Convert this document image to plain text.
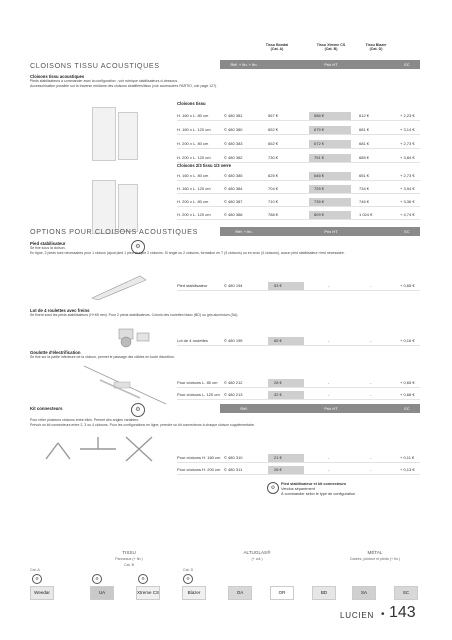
Tissu Bondai
(Cat. A)
Tissu Xtreme CS
(Cat. B)
Tissu Blazer
(Cat. D)
CLOISONS TISSU ACOUSTIQUES	Réf. + fin. + fin.	Prix HT	EC
Cloisons tissu acoustiques
Pieds stabilisateurs à commander avec la configuration ; voir rubrique stabilisateurs ci-dessous.
Accessoirisation possible sur la traverse médiane des cloisons stratifiées/tissu (voir accessoires PARTIO, voir page 127).
Cloisons tissu
H. 160 x L. 80 cm	© 480 381	567 €	586 €	612 €	+ 2,23 €
H. 160 x L. 120 cm	© 480 380	652 €	679 €	681 €	+ 3,14 €
H. 200 x L. 80 cm	© 480 383	652 €	672 €	681 €	+ 2,73 €
H. 200 x L. 120 cm	© 480 382	730 €	751 €	685 €	+ 3,84 €
Cloisons 2/3 tissu 1/3 verre
H. 160 x L. 80 cm	© 480 385	625 €	646 €	651 €	+ 2,73 €
H. 160 x L. 120 cm	© 480 384	704 €	725 €	734 €	+ 3,94 €
H. 200 x L. 80 cm	© 480 387	710 €	735 €	746 €	+ 3,36 €
H. 200 x L. 120 cm	© 480 386	788 €	809 €	1 024 €	+ 4,74 €
OPTIONS POUR CLOISONS ACOUSTIQUES	Réf. + fin.	Prix HT	EC
Pied stabilisateur
⚙
Se fixe sous la cloison.
En ligne, 2 pieds sont nécessaires pour 1 cloison (ajout pied 1 pied chaque 2 cloisons. Si angle ou 2 cloisons, formation en T (3 cloisons) ou en croix (4 cloisons), aucun pied stabilisateur n'est nécessaire.
Pied stabilisateur	© 480 194	53 €	-	-	+ 0,65 €
Lot de 4 roulettes avec freins
Se fixent sous les pieds stabilisateurs (H+65 mm). Pour 2 pieds stabilisateurs. Coloris des roulettes blanc (BD) ou gris aluminium (SA).
Lot de 4 roulettes	© 480 195	65 €	-	-	+ 0,16 €
Goulotte d'électrification
Se fixe sur la partie inférieure de la cloison, permet le passage des câbles en toute discrétion.
Pour cloisons L. 80 cm © 480 212	28 €	-	-	+ 0,65 €
Pour cloisons L. 120 cm © 480 213	32 €	-	-	+ 0,68 €
Kit connecteurs	⚙	Réf.	Prix HT	EC
Pour relier plusieurs cloisons entre elles. Permet des angles variables.
Prévoir un kit connecteurs entre 2, 3 ou 4 cloisons. Pour les configurations en ligne, prendre un kit connecteurs à chaque cloison supplémentaire.
Pour cloisons H. 160 cm © 480 310	21 €	-	-	+ 0,11 €
Pour cloisons H. 200 cm © 480 311	26 €	-	-	+ 0,13 €
⚙
Pied stabilisateur et kit connecteurs
Vendus séparément
À commander selon le type de configuration
TISSU
Panneaux (+ fin.)
Cat. B
Cat. A	Cat. D
ALTUGLAS®
(+ col.)
MÉTAL
Cadres, jointure et pieds (+ fin.)
⚙	⚙	⚙	⚙
Weedar	UA	Xtreme CS	Blazer	OA	OR	BD	SA	SC
LUCIEN • 143
